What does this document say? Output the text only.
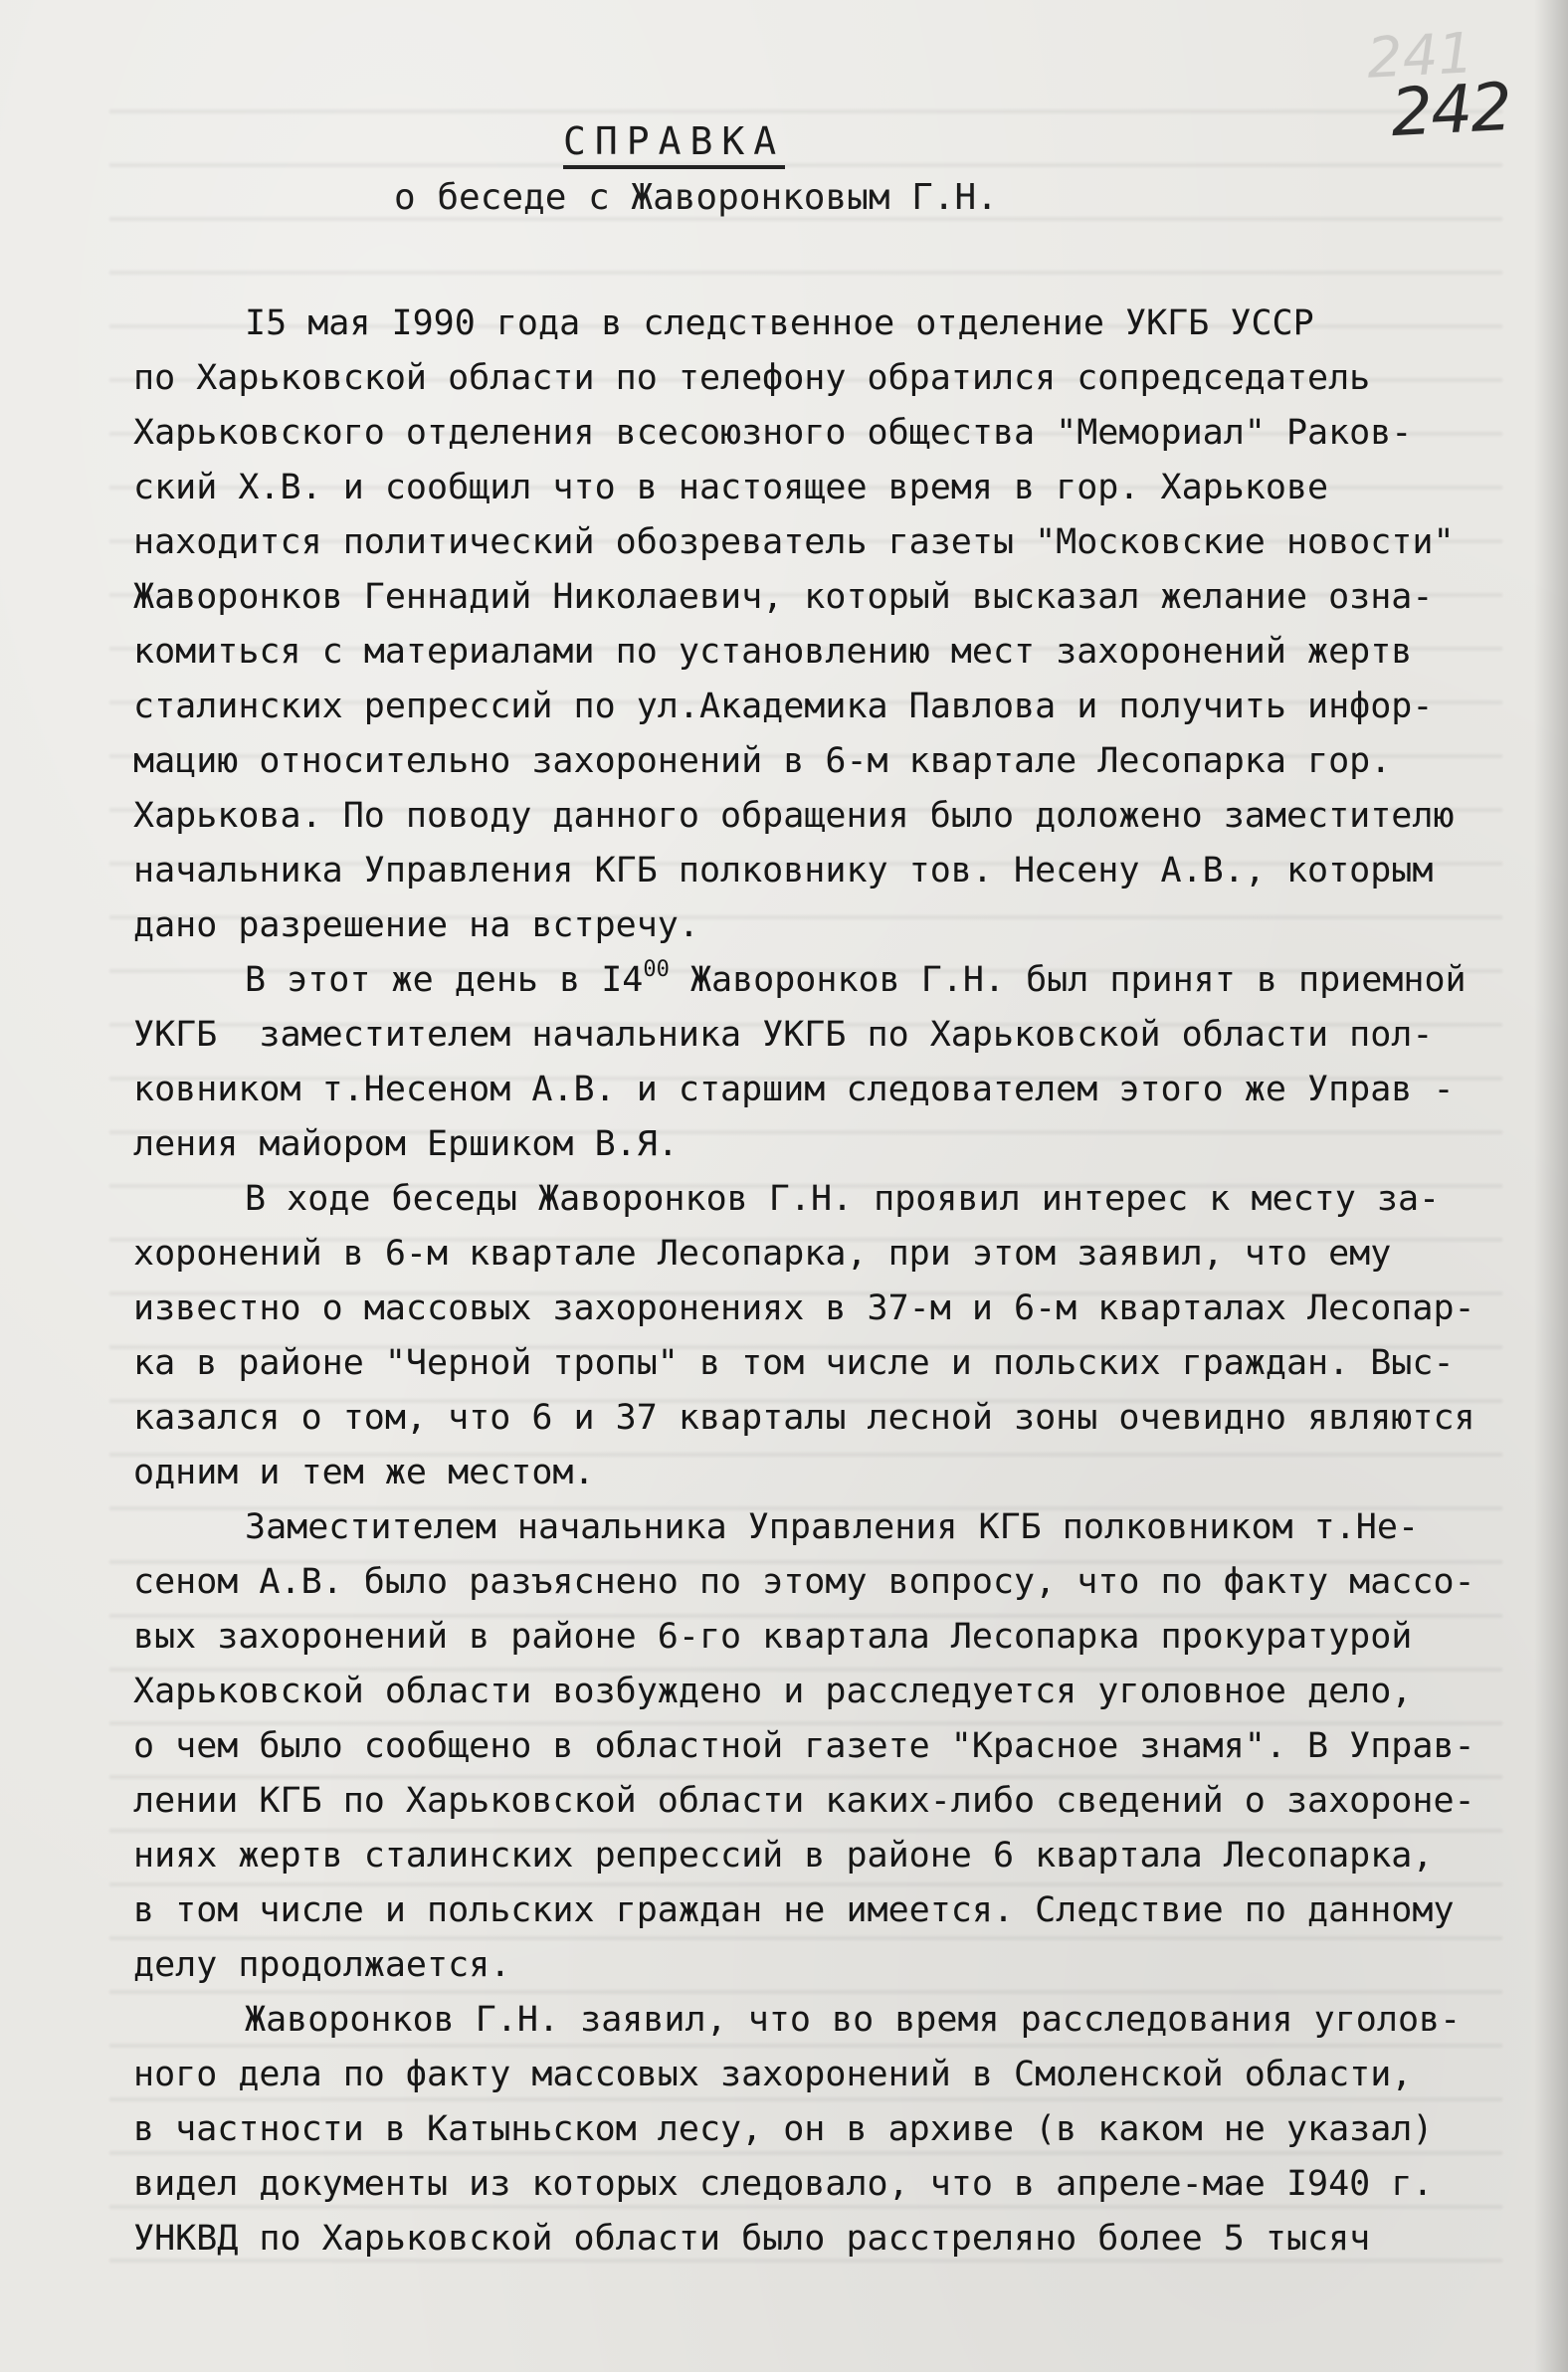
241

242

СПРАВКА
о беседе с Жаворонковым Г.Н.
I5 мая I990 года в следственное отделение УКГБ УССР
по Харьковской области по телефону обратился сопредседатель
Харьковского отделения всесоюзного общества "Мемориал" Раков-
ский Х.В. и сообщил что в настоящее время в гор. Харькове
находится политический обозреватель газеты "Московские новости"
Жаворонков Геннадий Николаевич, который высказал желание озна-
комиться с материалами по установлению мест захоронений жертв
сталинских репрессий по ул.Академика Павлова и получить инфор-
мацию относительно захоронений в 6-м квартале Лесопарка гор.
Харькова. По поводу данного обращения было доложено заместителю
начальника Управления КГБ полковнику тов. Несену А.В., которым
дано разрешение на встречу.
В этот же день в $I4^{00}$ Жаворонков Г.Н. был принят в приемной
УКГБ  заместителем начальника УКГБ по Харьковской области пол-
ковником т.Несеном А.В. и старшим следователем этого же Управ -
ления майором Ершиком В.Я.
В ходе беседы Жаворонков Г.Н. проявил интерес к месту за-
хоронений в 6-м квартале Лесопарка, при этом заявил, что ему
известно о массовых захоронениях в 37-м и 6-м кварталах Лесопар-
ка в районе "Черной тропы" в том числе и польских граждан. Выс-
казался о том, что 6 и 37 кварталы лесной зоны очевидно являются
одним и тем же местом.
Заместителем начальника Управления КГБ полковником т.Не-
сеном А.В. было разъяснено по этому вопросу, что по факту массо-
вых захоронений в районе 6-го квартала Лесопарка прокуратурой
Харьковской области возбуждено и расследуется уголовное дело,
о чем было сообщено в областной газете "Красное знамя". В Управ-
лении КГБ по Харьковской области каких-либо сведений о захороне-
ниях жертв сталинских репрессий в районе 6 квартала Лесопарка,
в том числе и польских граждан не имеется. Следствие по данному
делу продолжается.
Жаворонков Г.Н. заявил, что во время расследования уголов-
ного дела по факту массовых захоронений в Смоленской области,
в частности в Катыньском лесу, он в архиве (в каком не указал)
видел документы из которых следовало, что в апреле-мае I940 г.
УНКВД по Харьковской области было расстреляно более 5 тысяч
